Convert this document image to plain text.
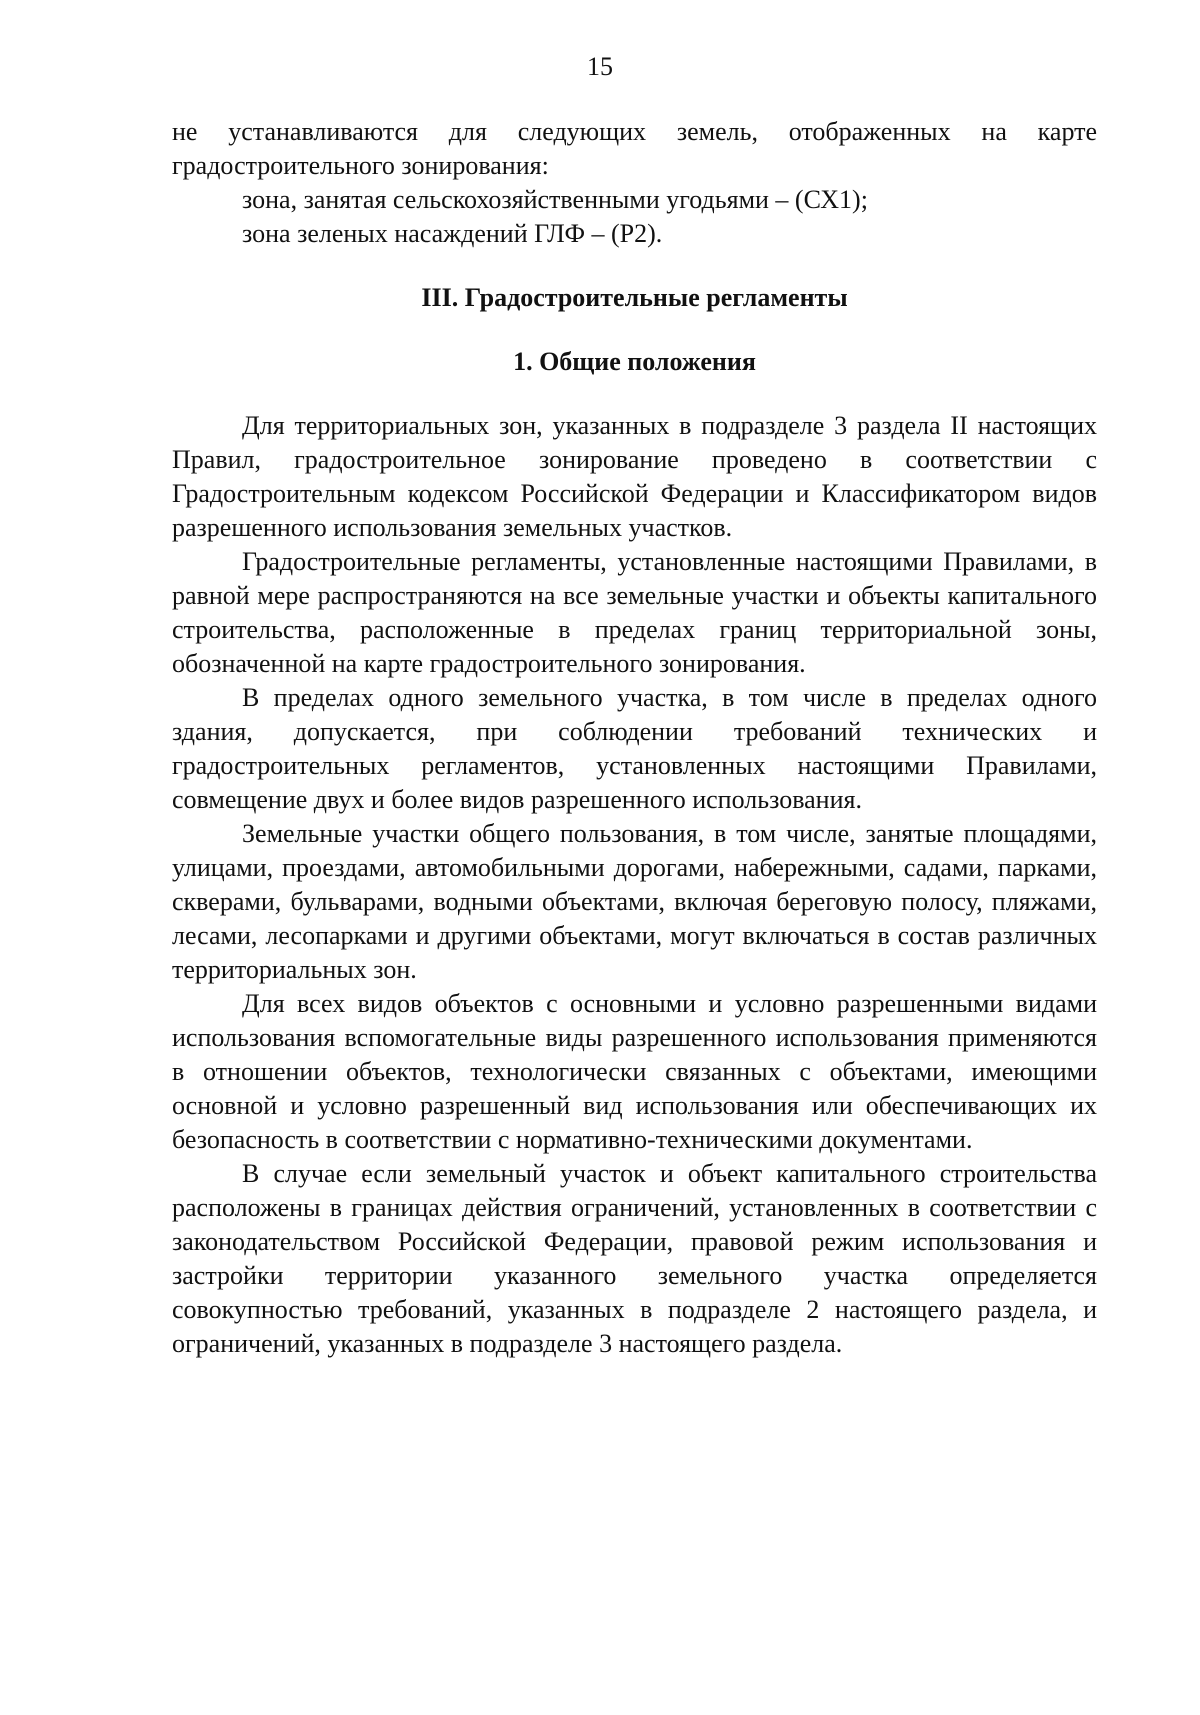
15

не устанавливаются для следующих земель, отображенных на карте градостроительного зонирования:

зона, занятая сельскохозяйственными угодьями – (СХ1);

зона зеленых насаждений ГЛФ – (Р2).

III. Градостроительные регламенты

1. Общие положения

Для территориальных зон, указанных в подразделе 3 раздела II настоящих Правил, градостроительное зонирование проведено в соответствии с Градостроительным кодексом Российской Федерации и Классификатором видов разрешенного использования земельных участков.

Градостроительные регламенты, установленные настоящими Правилами, в равной мере распространяются на все земельные участки и объекты капитального строительства, расположенные в пределах границ территориальной зоны, обозначенной на карте градостроительного зонирования.

В пределах одного земельного участка, в том числе в пределах одного здания, допускается, при соблюдении требований технических и градостроительных регламентов, установленных настоящими Правилами, совмещение двух и более видов разрешенного использования.

Земельные участки общего пользования, в том числе, занятые площадями, улицами, проездами, автомобильными дорогами, набережными, садами, парками, скверами, бульварами, водными объектами, включая береговую полосу, пляжами, лесами, лесопарками и другими объектами, могут включаться в состав различных территориальных зон.

Для всех видов объектов с основными и условно разрешенными видами использования вспомогательные виды разрешенного использования применяются в отношении объектов, технологически связанных с объектами, имеющими основной и условно разрешенный вид использования или обеспечивающих их безопасность в соответствии с нормативно-техническими документами.

В случае если земельный участок и объект капитального строительства расположены в границах действия ограничений, установленных в соответствии с законодательством Российской Федерации, правовой режим использования и застройки территории указанного земельного участка определяется совокупностью требований, указанных в подразделе 2 настоящего раздела, и ограничений, указанных в подразделе 3 настоящего раздела.
